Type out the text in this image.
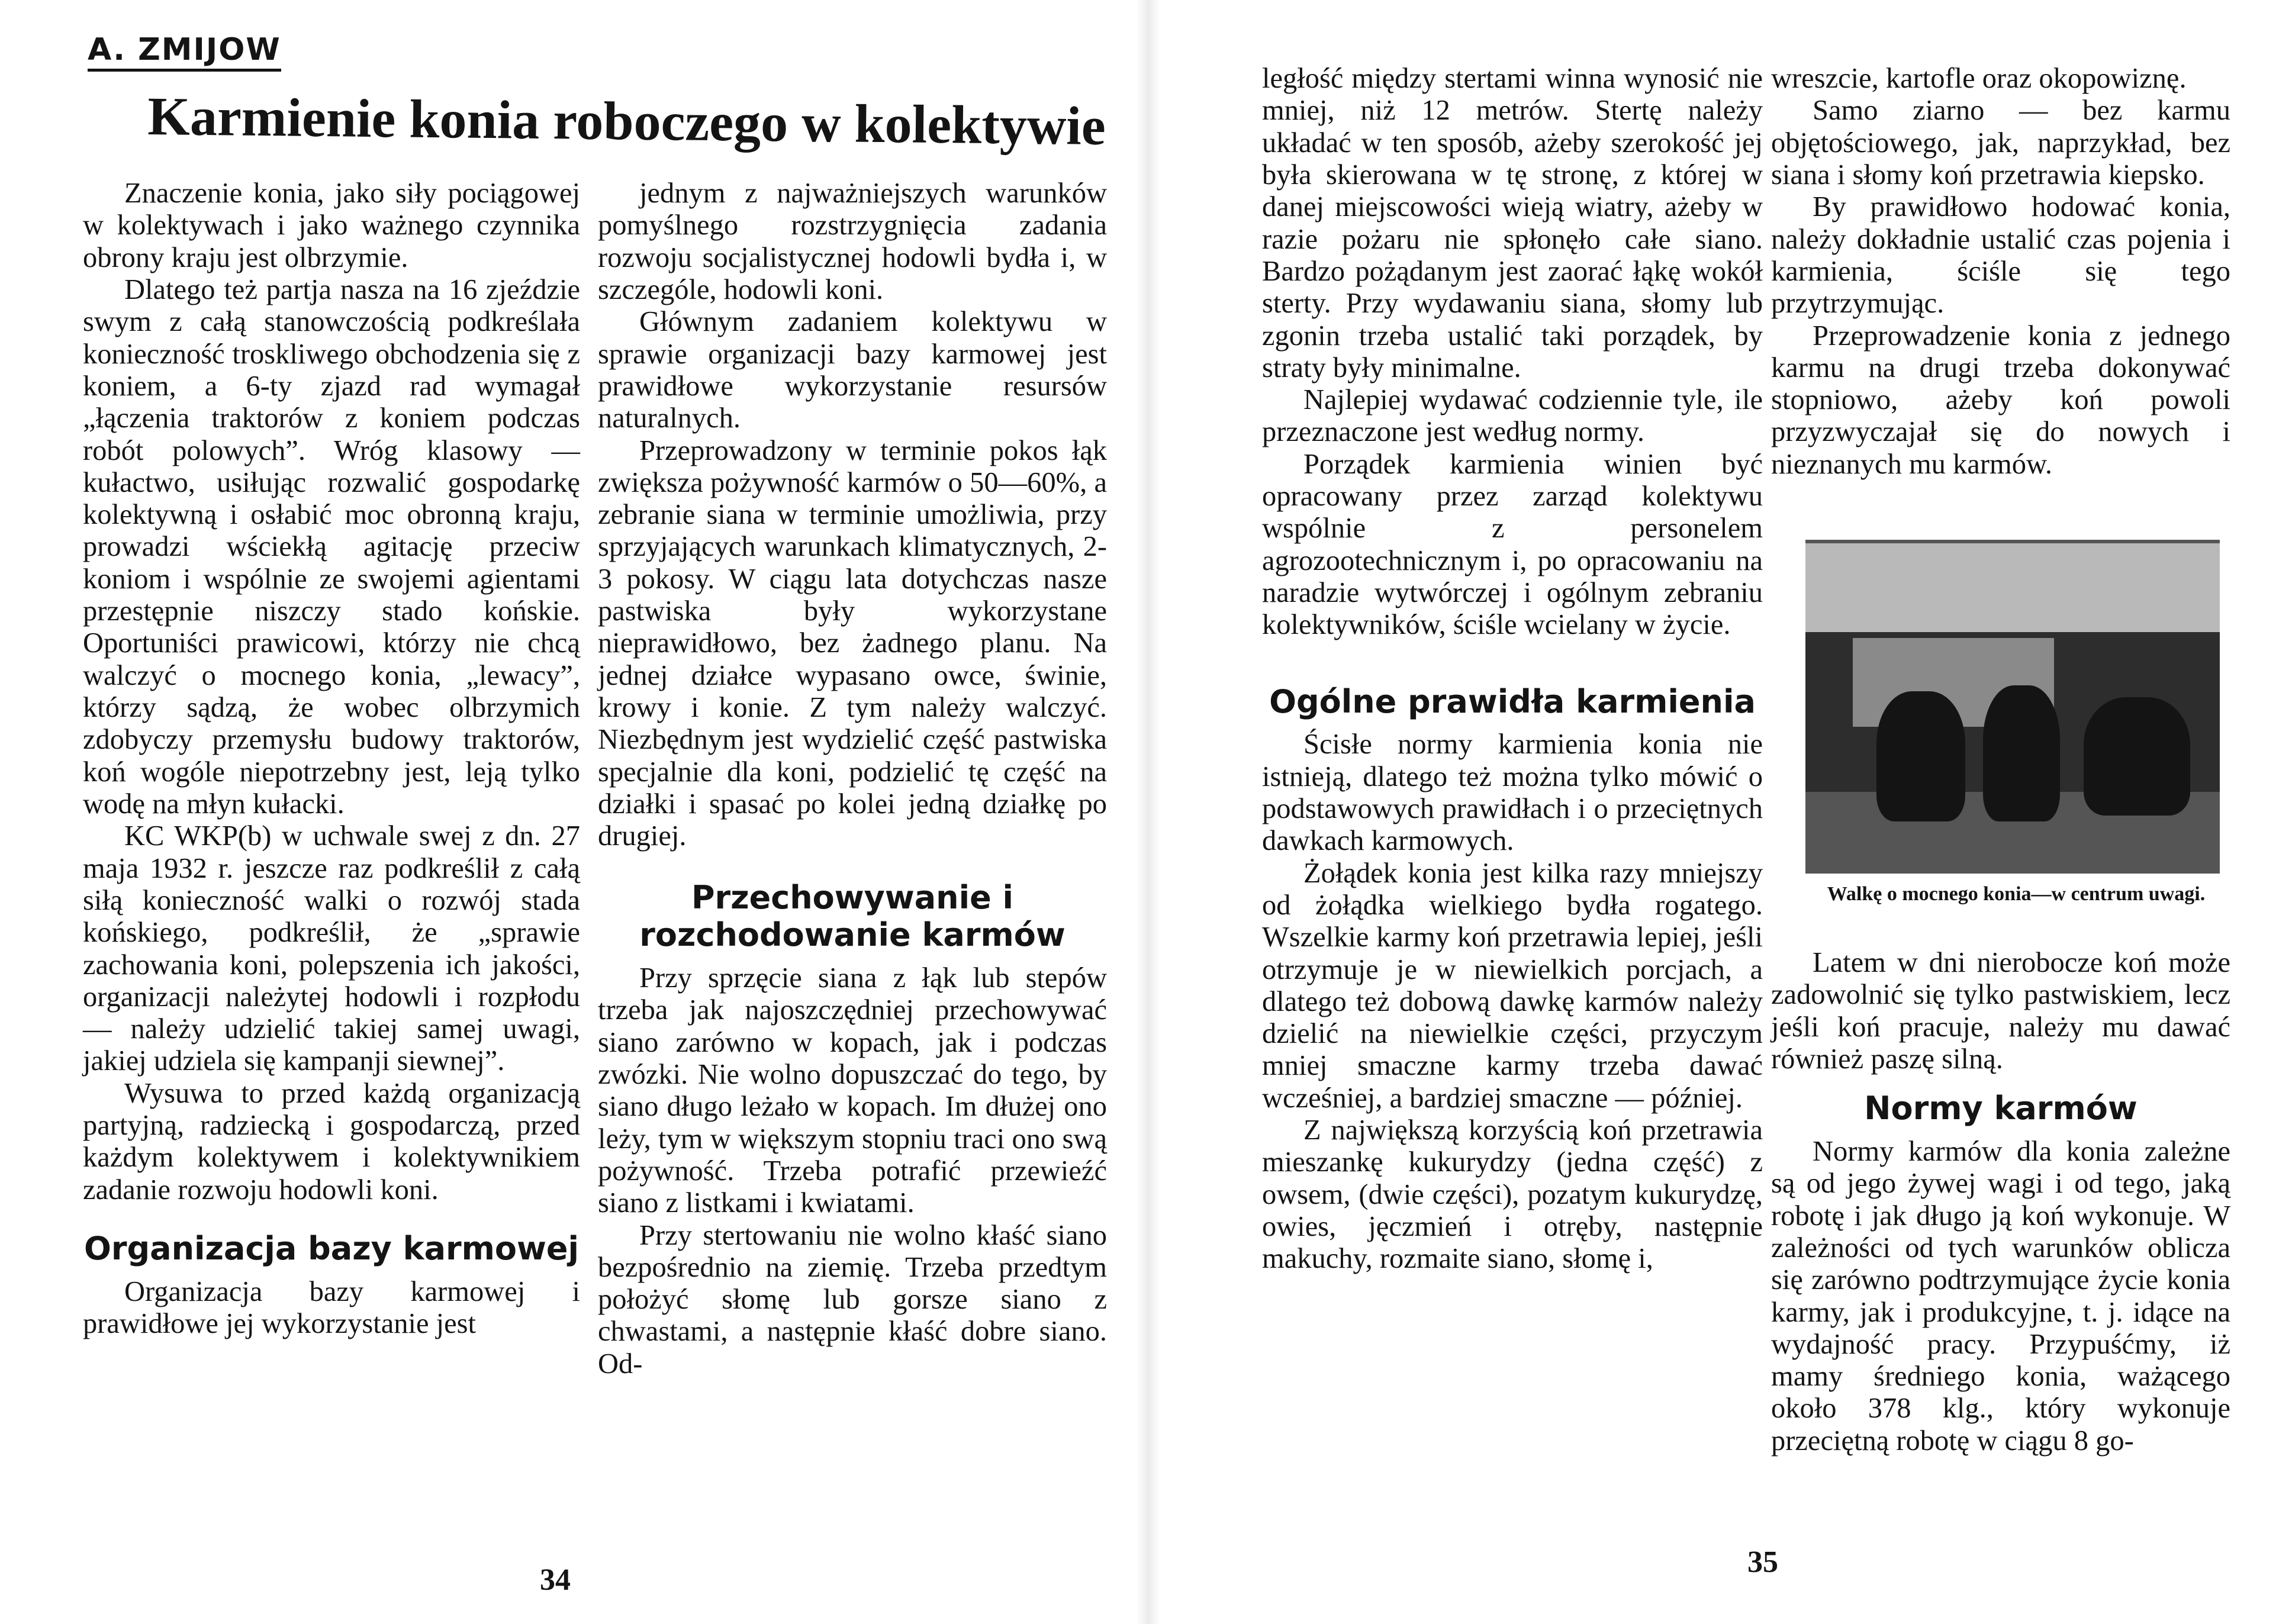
A. ZMIJOW
Karmienie konia roboczego w kolektywie

Znaczenie konia, jako siły pociągowej w kolektywach i jako ważnego czynnika obrony kraju jest olbrzymie.

Dlatego też partja nasza na 16 zjeździe swym z całą stanowczością podkreślała konieczność troskliwego obchodzenia się z koniem, a 6-ty zjazd rad wymagał „łączenia traktorów z koniem podczas robót polowych”. Wróg klasowy — kułactwo, usiłując rozwalić gospodarkę kolektywną i osłabić moc obronną kraju, prowadzi wściekłą agitację przeciw koniom i wspólnie ze swojemi agientami przestępnie niszczy stado końskie. Oportuniści prawicowi, którzy nie chcą walczyć o mocnego konia, „lewacy”, którzy sądzą, że wobec olbrzymich zdobyczy przemysłu budowy traktorów, koń wogóle niepotrzebny jest, leją tylko wodę na młyn kułacki.

KC WKP(b) w uchwale swej z dn. 27 maja 1932 r. jeszcze raz podkreślił z całą siłą konieczność walki o rozwój stada końskiego, podkreślił, że „sprawie zachowania koni, polepszenia ich jakości, organizacji należytej hodowli i rozpłodu — należy udzielić takiej samej uwagi, jakiej udziela się kampanji siewnej”.

Wysuwa to przed każdą organizacją partyjną, radziecką i gospodarczą, przed każdym kolektywem i kolektywnikiem zadanie rozwoju hodowli koni.

Organizacja bazy karmowej

Organizacja bazy karmowej i prawidłowe jej wykorzystanie jest

jednym z najważniejszych warunków pomyślnego rozstrzygnięcia zadania rozwoju socjalistycznej hodowli bydła i, w szczególe, hodowli koni.

Głównym zadaniem kolektywu w sprawie organizacji bazy karmowej jest prawidłowe wykorzystanie resursów naturalnych.

Przeprowadzony w terminie pokos łąk zwiększa pożywność karmów o 50—60%, a zebranie siana w terminie umożliwia, przy sprzyjających warunkach klimatycznych, 2-3 pokosy. W ciągu lata dotychczas nasze pastwiska były wykorzystane nieprawidłowo, bez żadnego planu. Na jednej działce wypasano owce, świnie, krowy i konie. Z tym należy walczyć. Niezbędnym jest wydzielić część pastwiska specjalnie dla koni, podzielić tę część na działki i spasać po kolei jedną działkę po drugiej.

Przechowywanie i rozchodowanie karmów

Przy sprzęcie siana z łąk lub stepów trzeba jak najoszczędniej przechowywać siano zarówno w kopach, jak i podczas zwózki. Nie wolno dopuszczać do tego, by siano długo leżało w kopach. Im dłużej ono leży, tym w większym stopniu traci ono swą pożywność. Trzeba potrafić przewieźć siano z listkami i kwiatami.

Przy stertowaniu nie wolno kłaść siano bezpośrednio na ziemię. Trzeba przedtym położyć słomę lub gorsze siano z chwastami, a następnie kłaść dobre siano. Od-

34

ległość między stertami winna wynosić nie mniej, niż 12 metrów. Stertę należy układać w ten sposób, ażeby szerokość jej była skierowana w tę stronę, z której w danej miejscowości wieją wiatry, ażeby w razie pożaru nie spłonęło całe siano. Bardzo pożądanym jest zaorać łąkę wokół sterty. Przy wydawaniu siana, słomy lub zgonin trzeba ustalić taki porządek, by straty były minimalne.

Najlepiej wydawać codziennie tyle, ile przeznaczone jest według normy.

Porządek karmienia winien być opracowany przez zarząd kolektywu wspólnie z personelem agrozootechnicznym i, po opracowaniu na naradzie wytwórczej i ogólnym zebraniu kolektywników, ściśle wcielany w życie.

Ogólne prawidła karmienia

Ścisłe normy karmienia konia nie istnieją, dlatego też można tylko mówić o podstawowych prawidłach i o przeciętnych dawkach karmowych.

Żołądek konia jest kilka razy mniejszy od żołądka wielkiego bydła rogatego. Wszelkie karmy koń przetrawia lepiej, jeśli otrzymuje je w niewielkich porcjach, a dlatego też dobową dawkę karmów należy dzielić na niewielkie części, przyczym mniej smaczne karmy trzeba dawać wcześniej, a bardziej smaczne — później.

Z największą korzyścią koń przetrawia mieszankę kukurydzy (jedna część) z owsem, (dwie części), pozatym kukurydzę, owies, jęczmień i otręby, następnie makuchy, rozmaite siano, słomę i,

wreszcie, kartofle oraz okopowiznę.

Samo ziarno — bez karmu objętościowego, jak, naprzykład, bez siana i słomy koń przetrawia kiepsko.

By prawidłowo hodować konia, należy dokładnie ustalić czas pojenia i karmienia, ściśle się tego przytrzymując.

Przeprowadzenie konia z jednego karmu na drugi trzeba dokonywać stopniowo, ażeby koń powoli przyzwyczajał się do nowych i nieznanych mu karmów.

Walkę o mocnego konia—w centrum uwagi.

Latem w dni nierobocze koń może zadowolnić się tylko pastwiskiem, lecz jeśli koń pracuje, należy mu dawać również paszę silną.

Normy karmów

Normy karmów dla konia zależne są od jego żywej wagi i od tego, jaką robotę i jak długo ją koń wykonuje. W zależności od tych warunków oblicza się zarówno podtrzymujące życie konia karmy, jak i produkcyjne, t. j. idące na wydajność pracy. Przypuśćmy, iż mamy średniego konia, ważącego około 378 klg., który wykonuje przeciętną robotę w ciągu 8 go-

35
